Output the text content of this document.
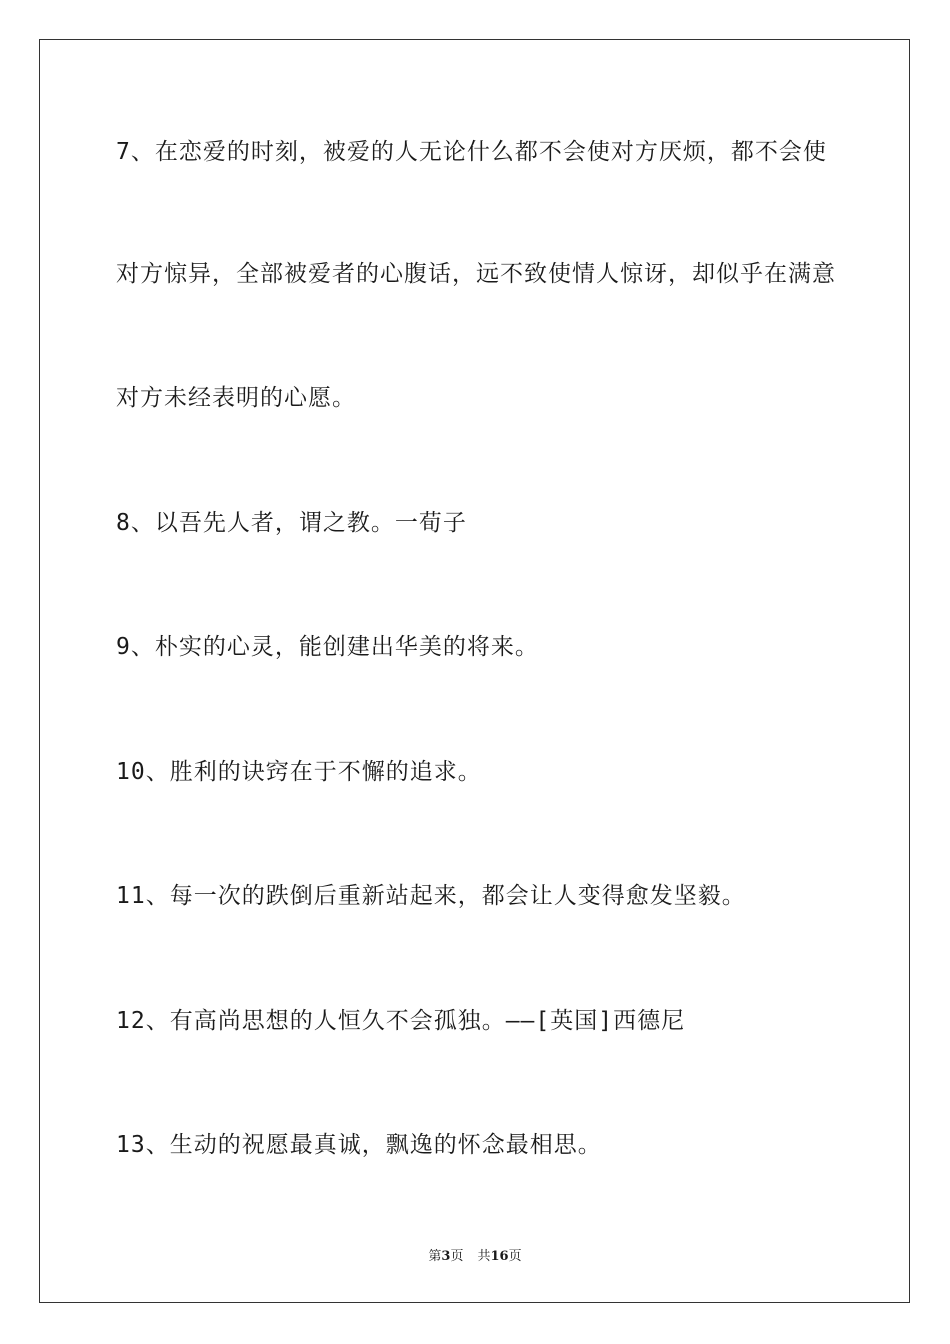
7、在恋爱的时刻，被爱的人无论什么都不会使对方厌烦，都不会使
对方惊异，全部被爱者的心腹话，远不致使情人惊讶，却似乎在满意
对方未经表明的心愿。
8、以吾先人者，谓之教。一荀子
9、朴实的心灵，能创建出华美的将来。
10、胜利的诀窍在于不懈的追求。
11、每一次的跌倒后重新站起来，都会让人变得愈发坚毅。
12、有高尚思想的人恒久不会孤独。——[英国]西德尼
13、生动的祝愿最真诚，飘逸的怀念最相思。
第3页 共16页
